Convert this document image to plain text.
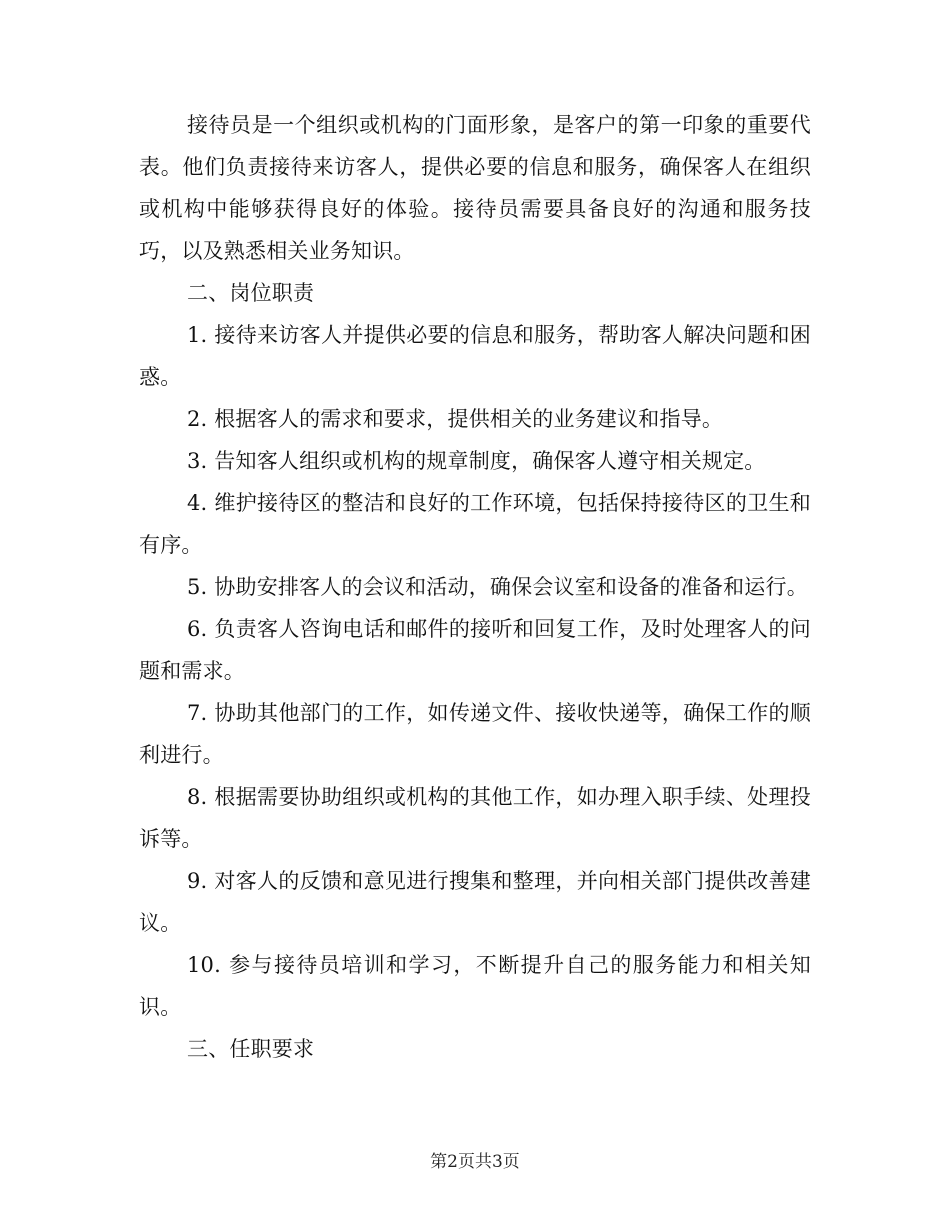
接待员是一个组织或机构的门面形象，是客户的第一印象的重要代表。他们负责接待来访客人，提供必要的信息和服务，确保客人在组织或机构中能够获得良好的体验。接待员需要具备良好的沟通和服务技巧，以及熟悉相关业务知识。

二、岗位职责

1. 接待来访客人并提供必要的信息和服务，帮助客人解决问题和困惑。

2. 根据客人的需求和要求，提供相关的业务建议和指导。

3. 告知客人组织或机构的规章制度，确保客人遵守相关规定。

4. 维护接待区的整洁和良好的工作环境，包括保持接待区的卫生和有序。

5. 协助安排客人的会议和活动，确保会议室和设备的准备和运行。

6. 负责客人咨询电话和邮件的接听和回复工作，及时处理客人的问题和需求。

7. 协助其他部门的工作，如传递文件、接收快递等，确保工作的顺利进行。

8. 根据需要协助组织或机构的其他工作，如办理入职手续、处理投诉等。

9. 对客人的反馈和意见进行搜集和整理，并向相关部门提供改善建议。

10. 参与接待员培训和学习，不断提升自己的服务能力和相关知识。

三、任职要求

第2页共3页
